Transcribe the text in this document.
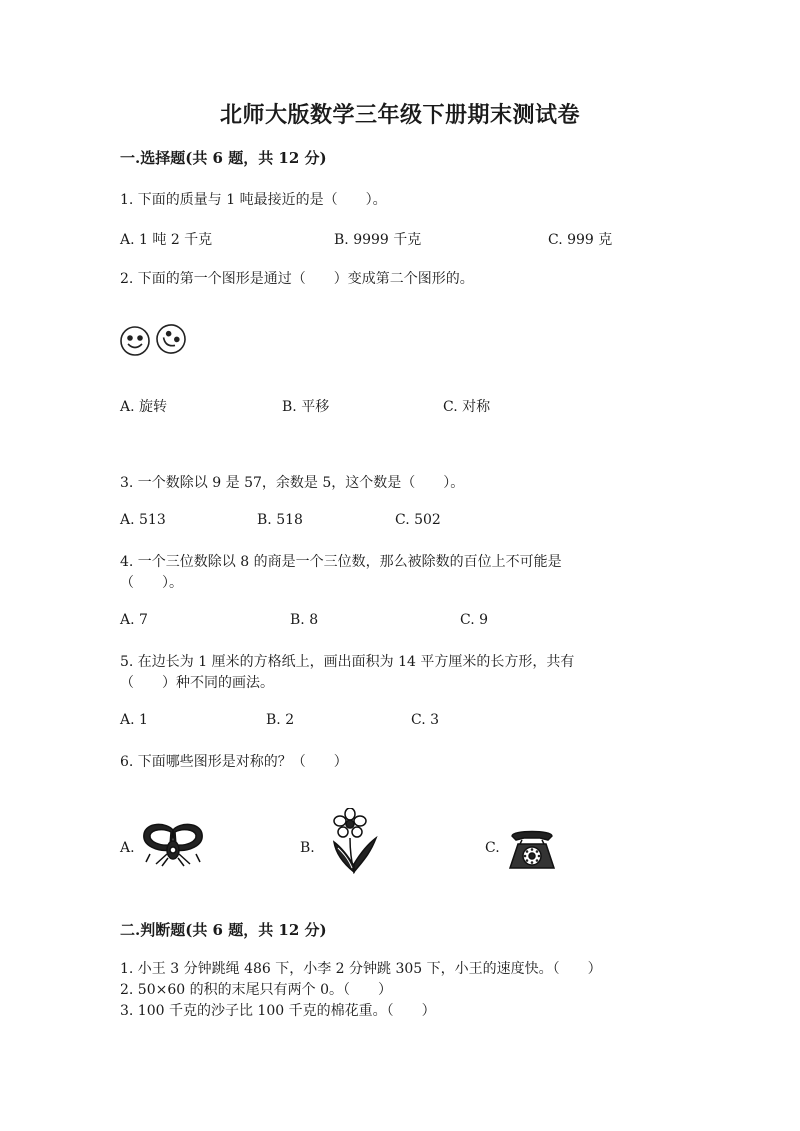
北师大版数学三年级下册期末测试卷
一.选择题(共 6 题，共 12 分)
1. 下面的质量与 1 吨最接近的是（　　）。
A. 1 吨 2 千克	B. 9999 千克	C. 999 克
2. 下面的第一个图形是通过（　　）变成第二个图形的。
A. 旋转	B. 平移	C. 对称
3. 一个数除以 9 是 57，余数是 5，这个数是（　　）。
A. 513	B. 518	C. 502
4. 一个三位数除以 8 的商是一个三位数，那么被除数的百位上不可能是
（　　）。
A. 7	B. 8	C. 9
5. 在边长为 1 厘米的方格纸上，画出面积为 14 平方厘米的长方形，共有
（　　）种不同的画法。
A. 1	B. 2	C. 3
6. 下面哪些图形是对称的？（　　）
A.	B.	C.
二.判断题(共 6 题，共 12 分)
1. 小王 3 分钟跳绳 486 下，小李 2 分钟跳 305 下，小王的速度快。（　　）
2. 50×60 的积的末尾只有两个 0。（　　）
3. 100 千克的沙子比 100 千克的棉花重。（　　）
